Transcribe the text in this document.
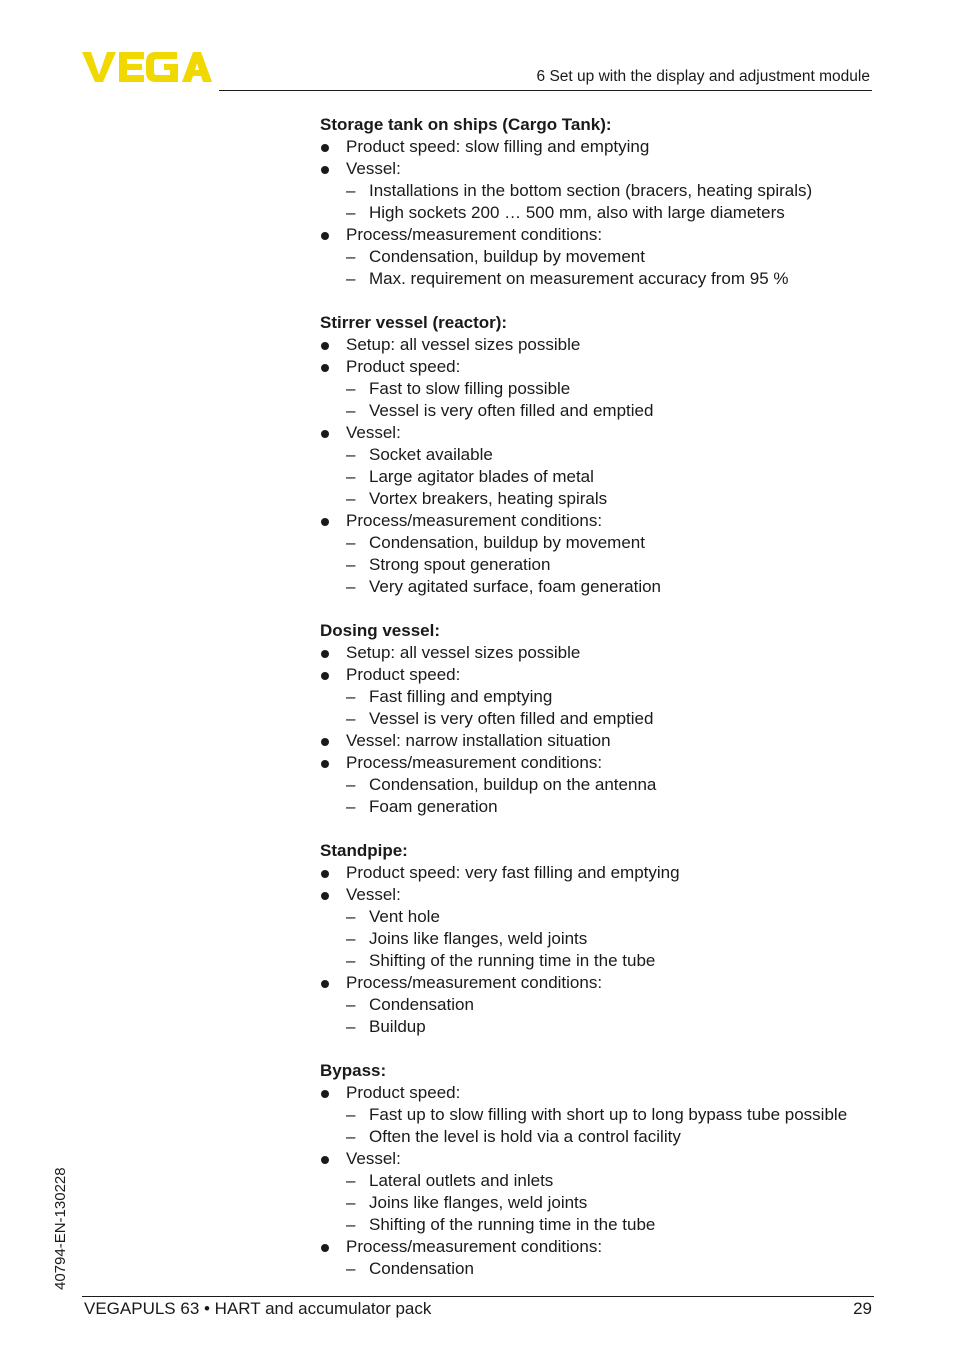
6 Set up with the display and adjustment module
Storage tank on ships (Cargo Tank):
Product speed: slow filling and emptying
Vessel:
– Installations in the bottom section (bracers, heating spirals)
– High sockets 200 … 500 mm, also with large diameters
Process/measurement conditions:
– Condensation, buildup by movement
– Max. requirement on measurement accuracy from 95 %
Stirrer vessel (reactor):
Setup: all vessel sizes possible
Product speed:
– Fast to slow filling possible
– Vessel is very often filled and emptied
Vessel:
– Socket available
– Large agitator blades of metal
– Vortex breakers, heating spirals
Process/measurement conditions:
– Condensation, buildup by movement
– Strong spout generation
– Very agitated surface, foam generation
Dosing vessel:
Setup: all vessel sizes possible
Product speed:
– Fast filling and emptying
– Vessel is very often filled and emptied
Vessel: narrow installation situation
Process/measurement conditions:
– Condensation, buildup on the antenna
– Foam generation
Standpipe:
Product speed: very fast filling and emptying
Vessel:
– Vent hole
– Joins like flanges, weld joints
– Shifting of the running time in the tube
Process/measurement conditions:
– Condensation
– Buildup
Bypass:
Product speed:
– Fast up to slow filling with short up to long bypass tube possible
– Often the level is hold via a control facility
Vessel:
– Lateral outlets and inlets
– Joins like flanges, weld joints
– Shifting of the running time in the tube
Process/measurement conditions:
– Condensation
40794-EN-130228
VEGAPULS 63 • HART and accumulator pack	29
